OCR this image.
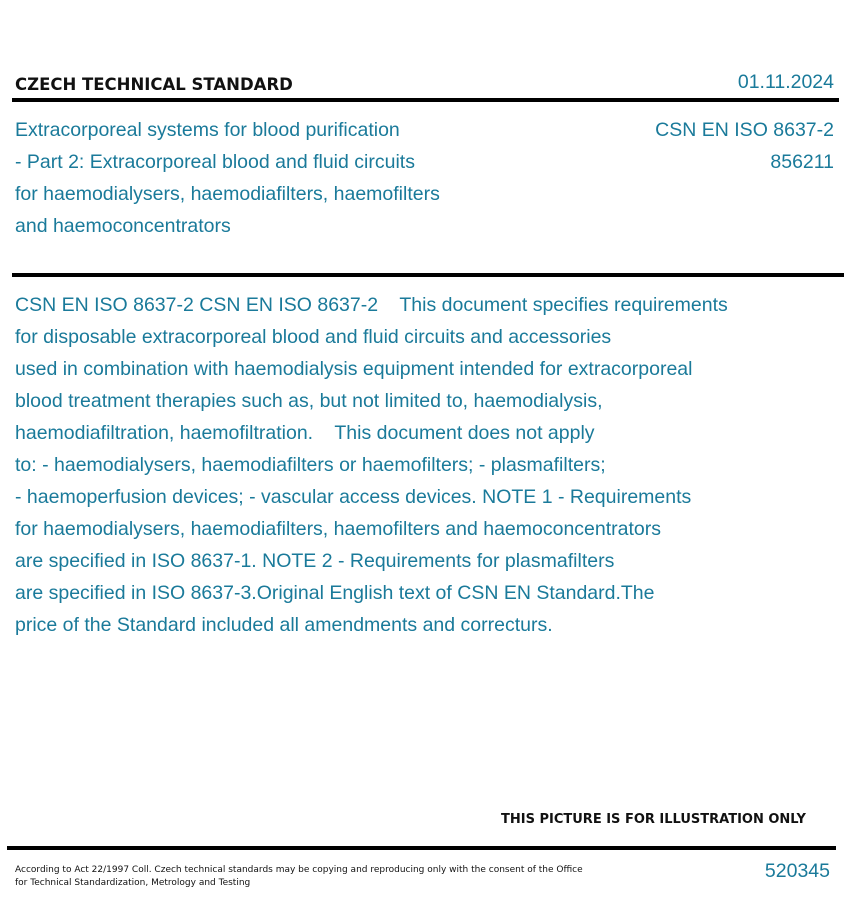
CZECH TECHNICAL STANDARD	01.11.2024
Extracorporeal systems for blood purification
- Part 2: Extracorporeal blood and fluid circuits
for haemodialysers, haemodiafilters, haemofilters
and haemoconcentrators
CSN EN ISO 8637-2
856211
CSN EN ISO 8637-2 CSN EN ISO 8637-2    This document specifies requirements
for disposable extracorporeal blood and fluid circuits and accessories
used in combination with haemodialysis equipment intended for extracorporeal
blood treatment therapies such as, but not limited to, haemodialysis,
haemodiafiltration, haemofiltration.    This document does not apply
to: - haemodialysers, haemodiafilters or haemofilters; - plasmafilters;
- haemoperfusion devices; - vascular access devices. NOTE 1 - Requirements
for haemodialysers, haemodiafilters, haemofilters and haemoconcentrators
are specified in ISO 8637-1. NOTE 2 - Requirements for plasmafilters
are specified in ISO 8637-3.Original English text of CSN EN Standard.The
price of the Standard included all amendments and correcturs.
THIS PICTURE IS FOR ILLUSTRATION ONLY
According to Act 22/1997 Coll. Czech technical standards may be copying and reproducing only with the consent of the Office
for Technical Standardization, Metrology and Testing
520345
